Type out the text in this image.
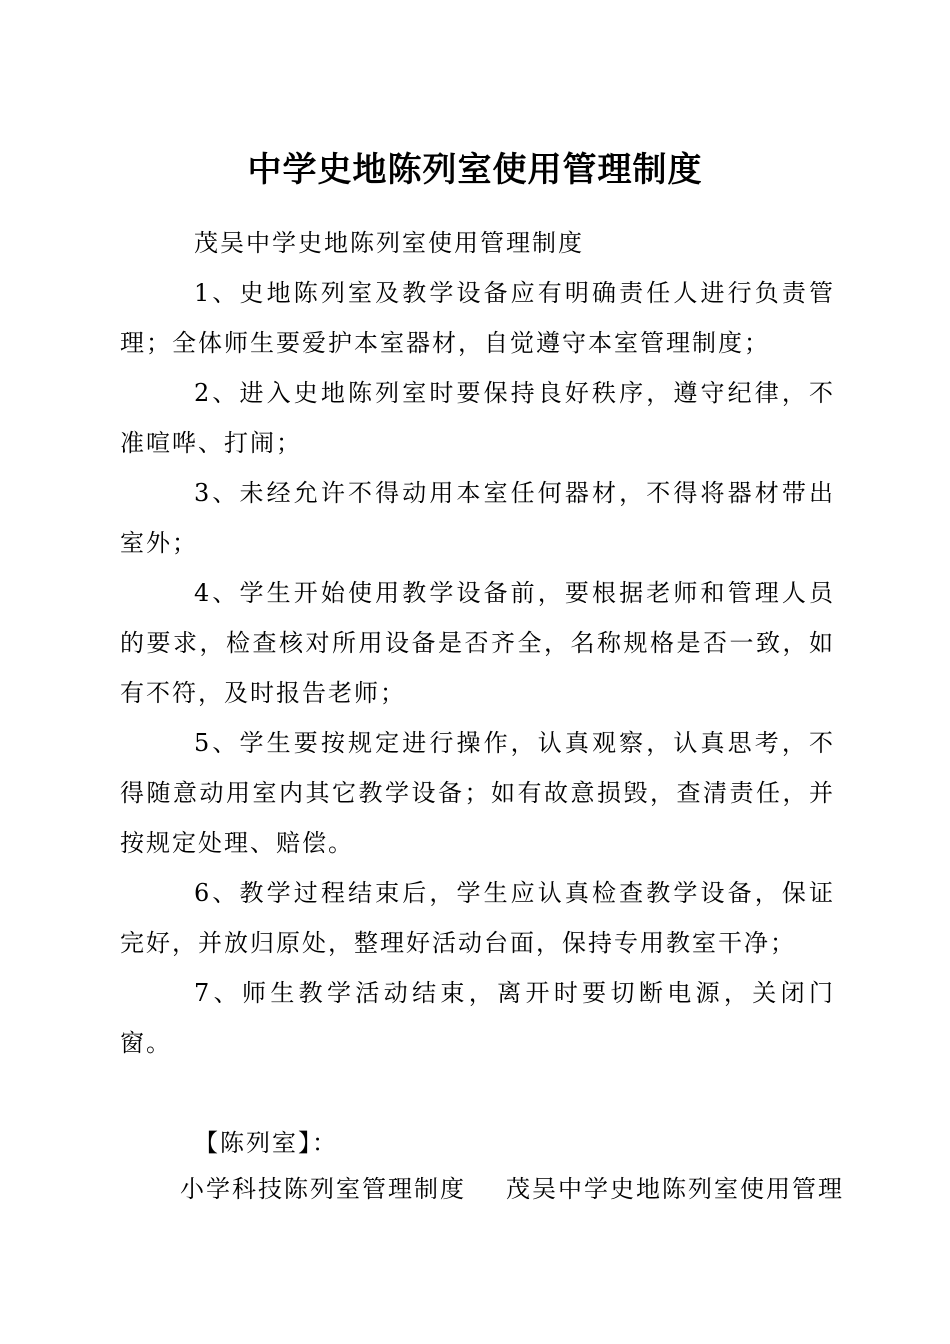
中学史地陈列室使用管理制度

茂吴中学史地陈列室使用管理制度

1、史地陈列室及教学设备应有明确责任人进行负责管理；全体师生要爱护本室器材，自觉遵守本室管理制度；

2、进入史地陈列室时要保持良好秩序，遵守纪律，不准喧哗、打闹；

3、未经允许不得动用本室任何器材，不得将器材带出室外；

4、学生开始使用教学设备前，要根据老师和管理人员的要求，检查核对所用设备是否齐全，名称规格是否一致，如有不符，及时报告老师；

5、学生要按规定进行操作，认真观察，认真思考，不得随意动用室内其它教学设备；如有故意损毁，查清责任，并按规定处理、赔偿。

6、教学过程结束后，学生应认真检查教学设备，保证完好，并放归原处，整理好活动台面，保持专用教室干净；

7、师生教学活动结束，离开时要切断电源，关闭门窗。

【陈列室】：

小学科技陈列室管理制度 茂吴中学史地陈列室使用管理
